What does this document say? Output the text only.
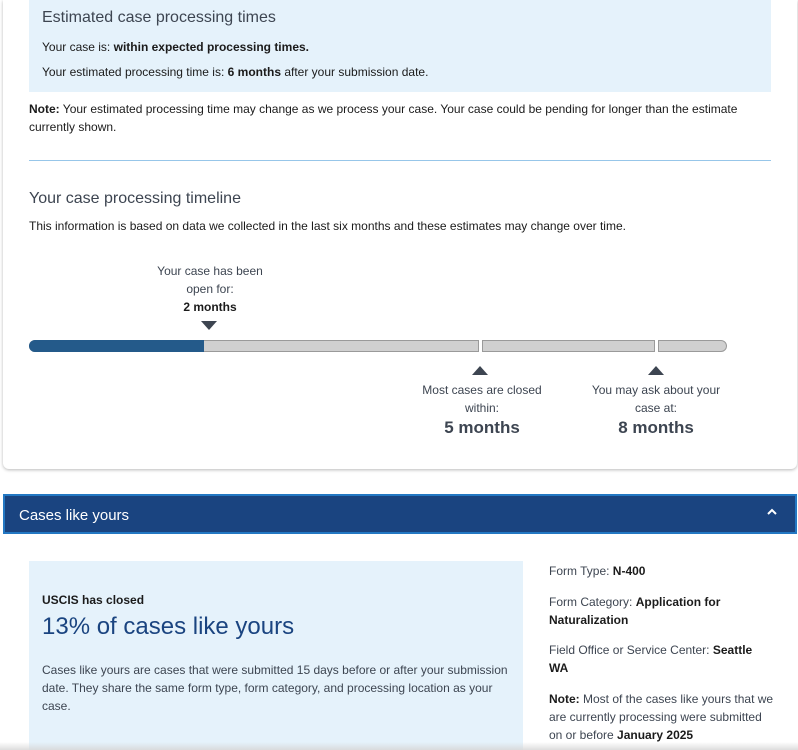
Estimated case processing times
Your case is: within expected processing times.
Your estimated processing time is: 6 months after your submission date.
Note: Your estimated processing time may change as we process your case. Your case could be pending for longer than the estimate currently shown.
Your case processing timeline
This information is based on data we collected in the last six months and these estimates may change over time.
Your case has been open for:
2 months
Most cases are closed within:
5 months
You may ask about your case at:
8 months
Cases like yours
USCIS has closed
13% of cases like yours
Cases like yours are cases that were submitted 15 days before or after your submission date. They share the same form type, form category, and processing location as your case.
Form Type: N-400
Form Category: Application for Naturalization
Field Office or Service Center: Seattle WA
Note: Most of the cases like yours that we are currently processing were submitted on or before January 2025
